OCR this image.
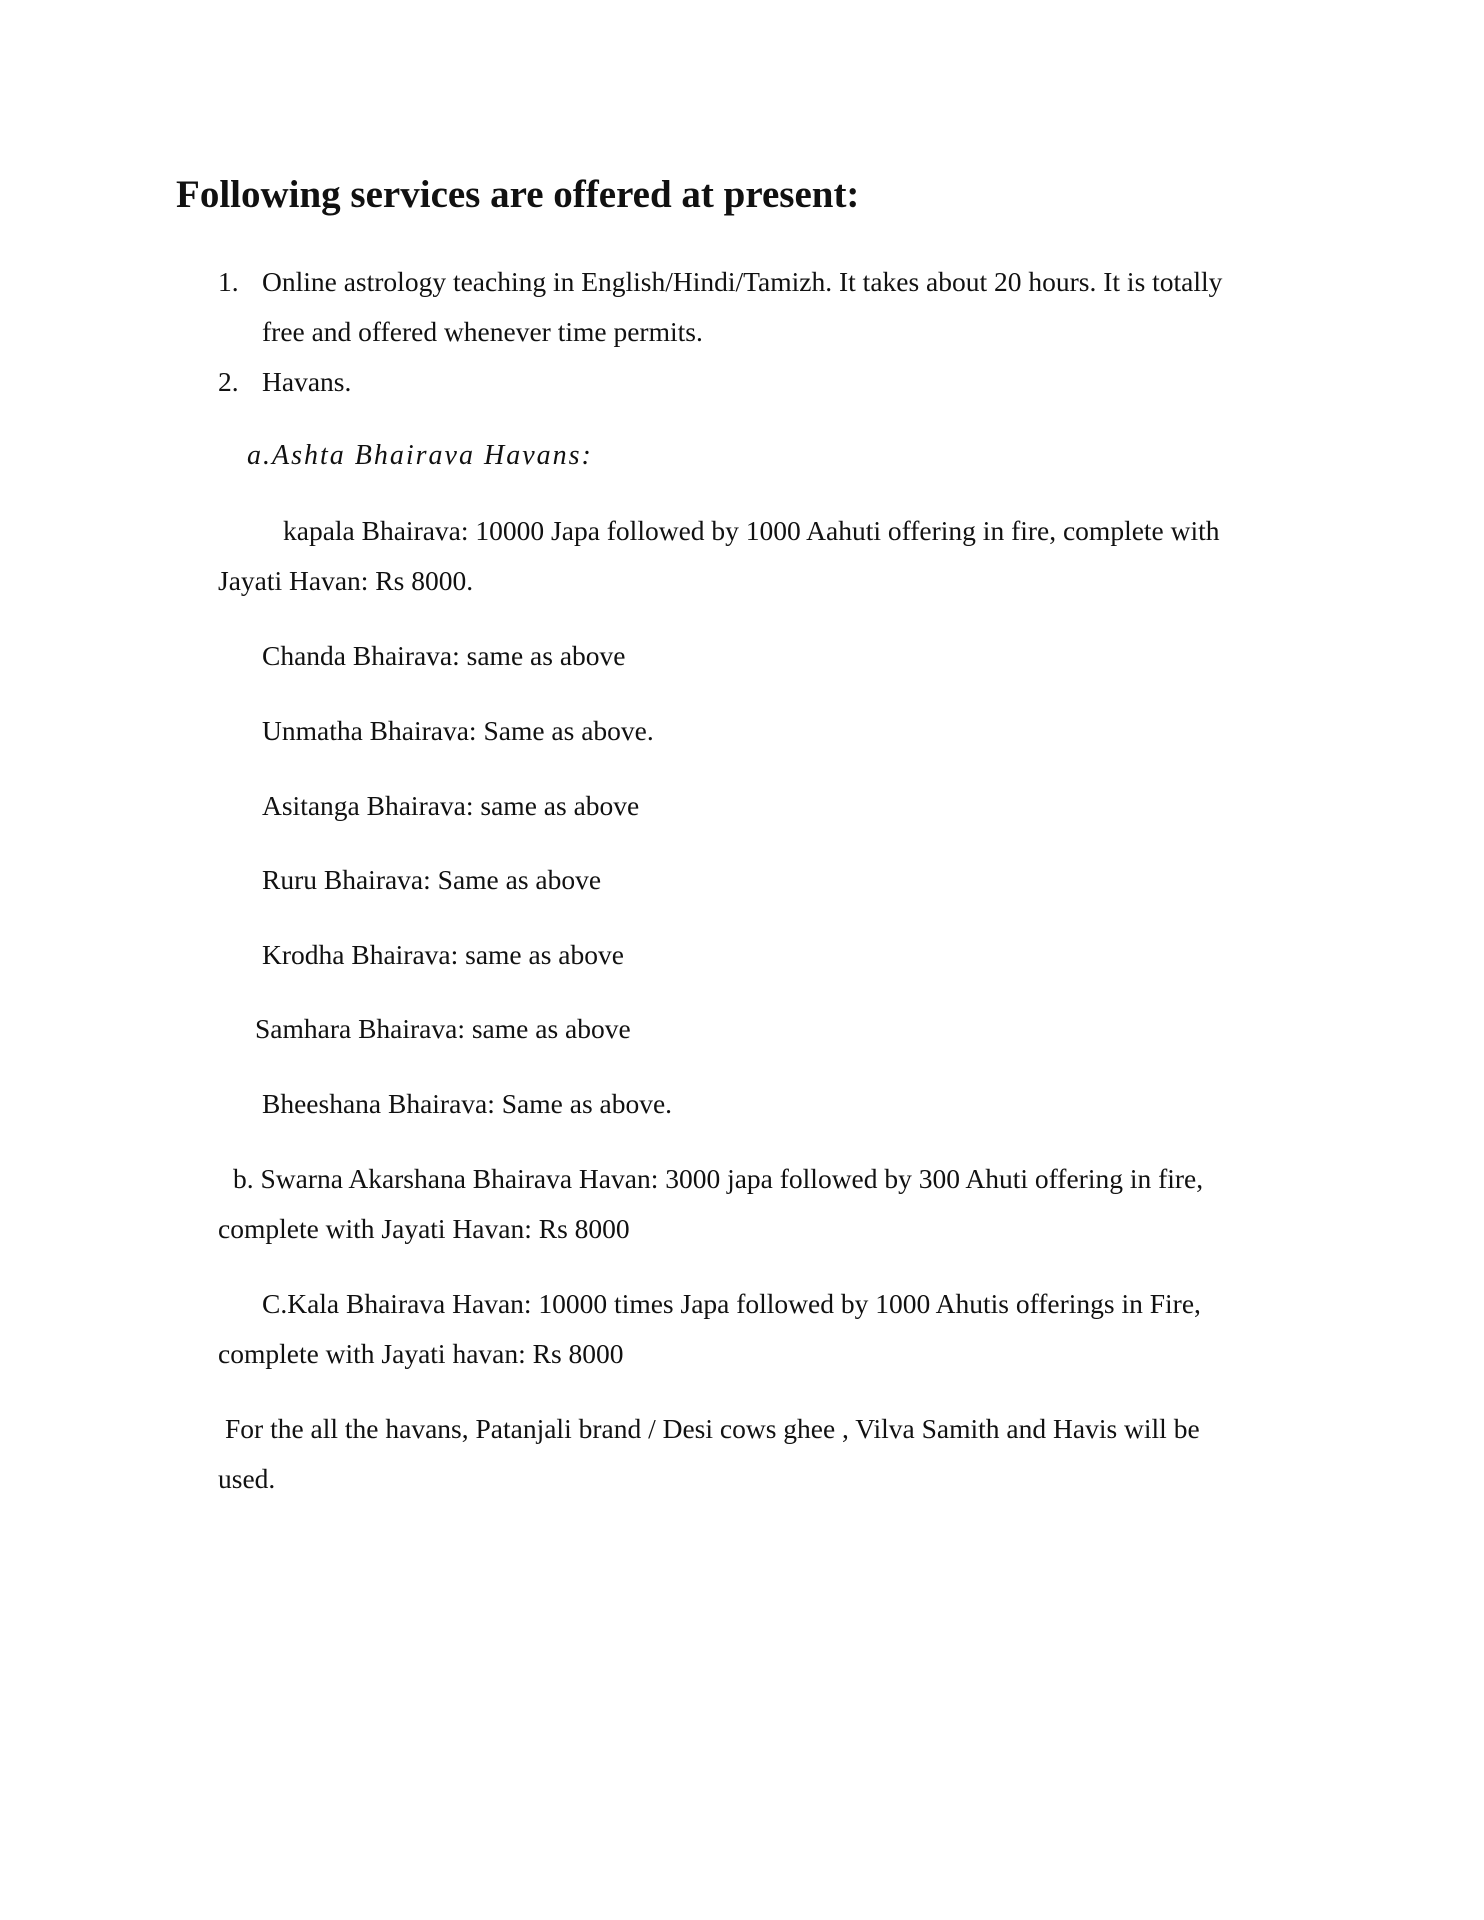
Following services are offered at present:
1. Online astrology teaching in English/Hindi/Tamizh. It takes about 20 hours. It is totally
free and offered whenever time permits.
2. Havans.
a.Ashta Bhairava Havans:
kapala Bhairava: 10000 Japa followed by 1000 Aahuti offering in fire, complete with
Jayati Havan: Rs 8000.
Chanda Bhairava: same as above
Unmatha Bhairava: Same as above.
Asitanga Bhairava: same as above
Ruru Bhairava: Same as above
Krodha Bhairava: same as above
Samhara Bhairava: same as above
Bheeshana Bhairava: Same as above.
b. Swarna Akarshana Bhairava Havan: 3000 japa followed by 300 Ahuti offering in fire,
complete with Jayati Havan: Rs 8000
C.Kala Bhairava Havan: 10000 times Japa followed by 1000 Ahutis offerings in Fire,
complete with Jayati havan: Rs 8000
For the all the havans, Patanjali brand / Desi cows ghee , Vilva Samith and Havis will be
used.
